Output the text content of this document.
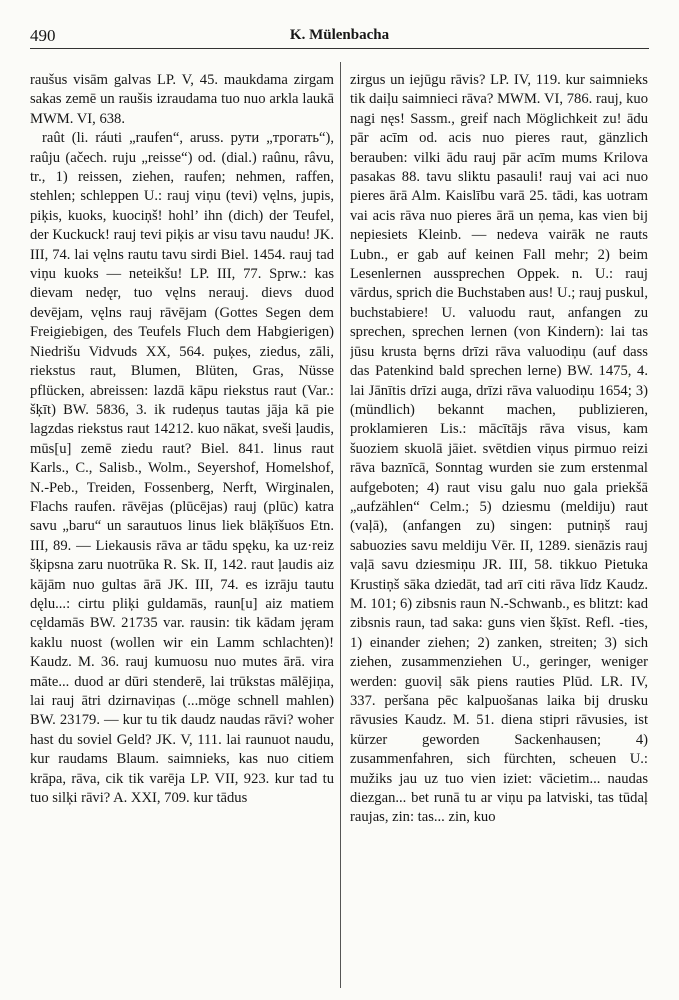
490	K. Mülenbacha

raušus visām galvas LP. V, 45. maukdama zirgam sakas zemē un raušis izraudama tuo nuo arkla laukā MWM. VI, 638.

raût (li. ráuti „raufen“, aruss. рути „трогать“), raûju (ačech. ruju „reisse“) od. (dial.) raûnu, râvu, tr., 1) reissen, ziehen, raufen; nehmen, raffen, stehlen; schleppen U.: rauj viņu (tevi) vęlns, jupis, piķis, kuoks, kuociņš! hohl’ ihn (dich) der Teufel, der Kuckuck! rauj tevi piķis ar visu tavu naudu! JK. III, 74. lai vęlns rautu tavu sirdi Biel. 1454. rauj tad viņu kuoks — neteikšu! LP. III, 77. Sprw.: kas dievam nedęr, tuo vęlns nerauj. dievs duod devējam, vęlns rauj rāvējam (Gottes Segen dem Freigiebigen, des Teufels Fluch dem Habgierigen) Niedrišu Vidvuds XX, 564. puķes, ziedus, zāli, riekstus raut, Blumen, Blüten, Gras, Nüsse pflücken, abreissen: lazdā kāpu riekstus raut (Var.: šķīt) BW. 5836, 3. ik rudeņus tautas jāja kā pie lagzdas riekstus raut 14212. kuo nākat, sveši ļaudis, mūs[u] zemē ziedu raut? Biel. 841. linus raut Karls., C., Salisb., Wolm., Seyershof, Homelshof, N.-Peb., Treiden, Fossenberg, Nerft, Wirginalen, Flachs raufen. rāvējas (plūcējas) rauj (plūc) katra savu „baru“ un sarautuos linus liek blāķīšuos Etn. III, 89. — Liekausis rāva ar tādu spęku, ka uz·reiz šķipsna zaru nuotrūka R. Sk. II, 142. raut ļaudis aiz kājām nuo gultas ārā JK. III, 74. es izrāju tautu dęlu...: cirtu pliķi guldamās, raun[u] aiz matiem cęldamās BW. 21735 var. rausin: tik kādam jęram kaklu nuost (wollen wir ein Lamm schlachten)! Kaudz. M. 36. rauj kumuosu nuo mutes ārā. vira māte... duod ar dūri stenderē, lai trūkstas mālējiņa, lai rauj ātri dzirnaviņas (...möge schnell mahlen) BW. 23179. — kur tu tik daudz naudas rāvi? woher hast du soviel Geld? JK. V, 111. lai raunuot naudu, kur raudams Blaum. saimnieks, kas nuo citiem krāpa, rāva, cik tik varēja LP. VII, 923. kur tad tu tuo silķi rāvi? A. XXI, 709. kur tādus

zirgus un iejūgu rāvis? LP. IV, 119. kur saimnieks tik daiļu saimnieci rāva? MWM. VI, 786. rauj, kuo nagi nęs! Sassm., greif nach Möglichkeit zu! ādu pār acīm od. acis nuo pieres raut, gänzlich berauben: vilki ādu rauj pār acīm mums Krilova pasakas 88. tavu sliktu pasauli! rauj vai aci nuo pieres ārā Alm. Kaislību varā 25. tādi, kas uotram vai acis rāva nuo pieres ārā un ņema, kas vien bij nepiesiets Kleinb. — nedeva vairāk ne rauts Lubn., er gab auf keinen Fall mehr; 2) beim Lesenlernen aussprechen Oppek. n. U.: rauj vārdus, sprich die Buchstaben aus! U.; rauj puskul, buchstabiere! U. valuodu raut, anfangen zu sprechen, sprechen lernen (von Kindern): lai tas jūsu krusta bęrns drīzi rāva valuodiņu (auf dass das Patenkind bald sprechen lerne) BW. 1475, 4. lai Jānītis drīzi auga, drīzi rāva valuodiņu 1654; 3) (mündlich) bekannt machen, publizieren, proklamieren Lis.: mācītājs rāva visus, kam šuoziem skuolā jāiet. svētdien viņus pirmuo reizi rāva baznīcā, Sonntag wurden sie zum erstenmal aufgeboten; 4) raut visu galu nuo gala priekšā „aufzählen“ Celm.; 5) dziesmu (meldiju) raut (vaļā), (anfangen zu) singen: putniņš rauj sabuozies savu meldiju Vēr. II, 1289. sienāzis rauj vaļā savu dziesmiņu JR. III, 58. tikkuo Pietuka Krustiņš sāka dziedāt, tad arī citi rāva līdz Kaudz. M. 101; 6) zibsnis raun N.-Schwanb., es blitzt: kad zibsnis raun, tad saka: guns vien šķīst. Refl. -ties, 1) einander ziehen; 2) zanken, streiten; 3) sich ziehen, zusammenziehen U., geringer, weniger werden: guoviļ sāk piens rauties Plūd. LR. IV, 337. peršana pēc kalpuošanas laika bij drusku rāvusies Kaudz. M. 51. diena stipri rāvusies, ist kürzer geworden Sackenhausen; 4) zusammenfahren, sich fürchten, scheuen U.: mužiks jau uz tuo vien iziet: vācietim... naudas diezgan... bet runā tu ar viņu pa latviski, tas tūdaļ raujas, zin: tas... zin, kuo
